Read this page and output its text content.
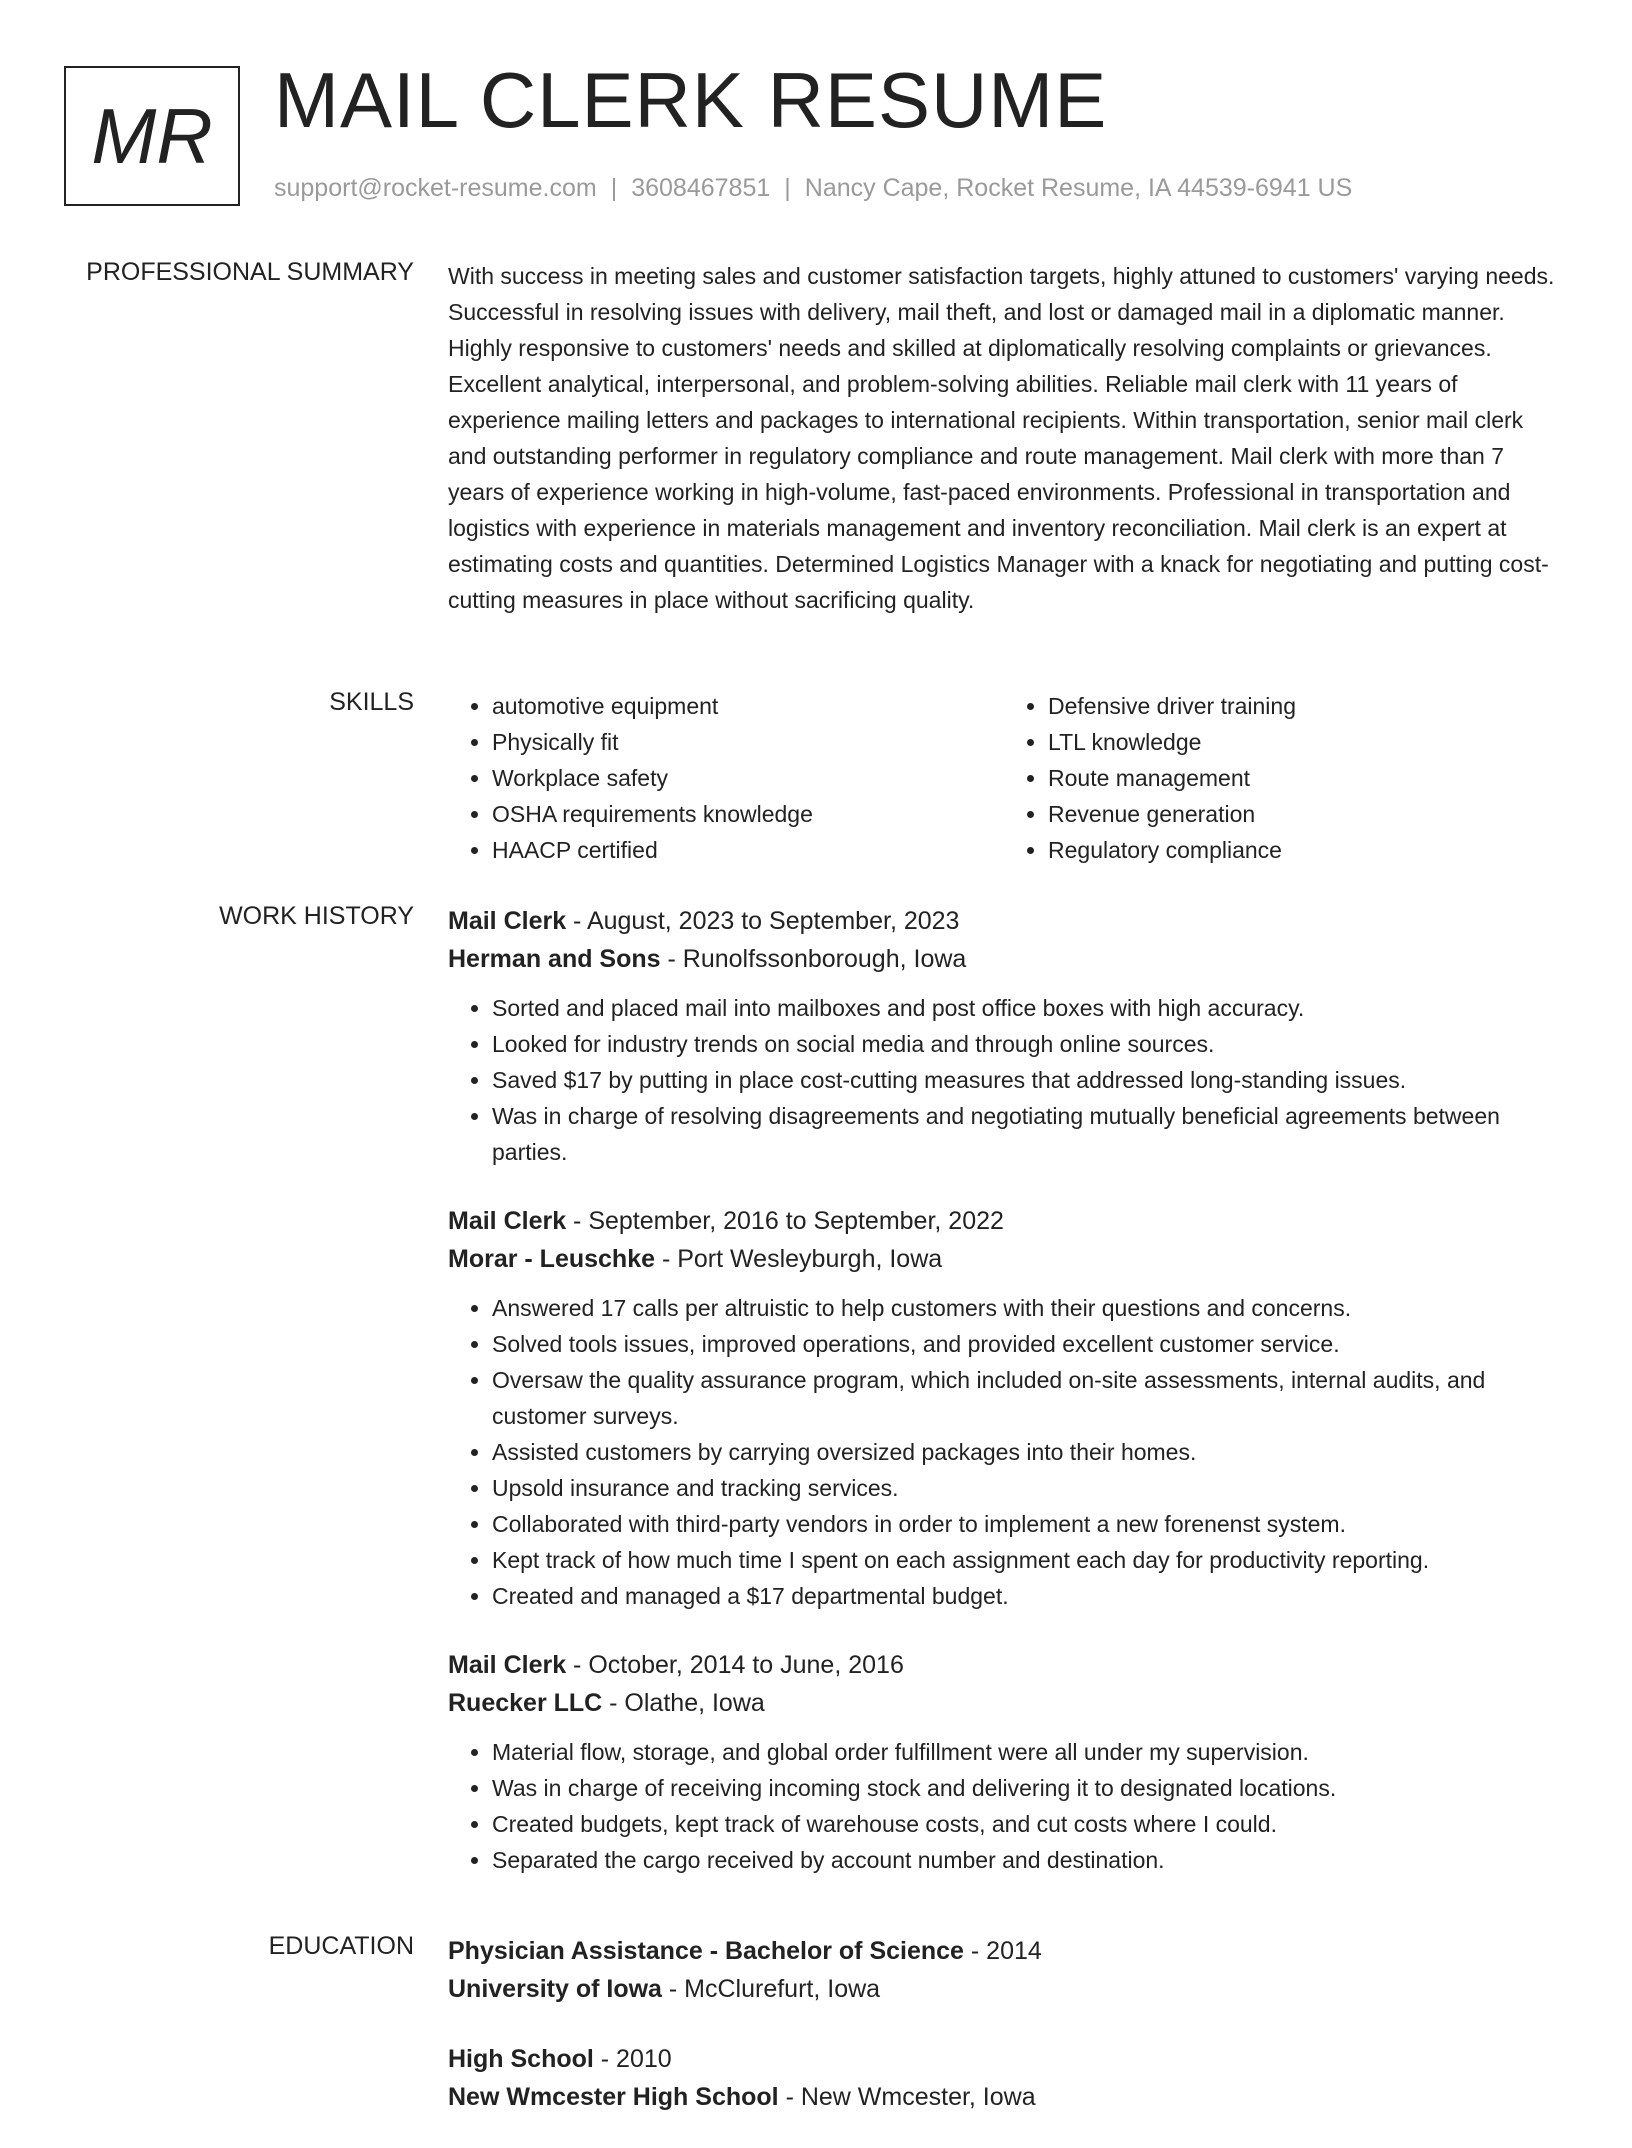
MR MAIL CLERK RESUME
support@rocket-resume.com | 3608467851 | Nancy Cape, Rocket Resume, IA 44539-6941 US
PROFESSIONAL SUMMARY With success in meeting sales and customer satisfaction targets, highly attuned to customers' varying needs. Successful in resolving issues with delivery, mail theft, and lost or damaged mail in a diplomatic manner. Highly responsive to customers' needs and skilled at diplomatically resolving complaints or grievances. Excellent analytical, interpersonal, and problem-solving abilities. Reliable mail clerk with 11 years of experience mailing letters and packages to international recipients. Within transportation, senior mail clerk and outstanding performer in regulatory compliance and route management. Mail clerk with more than 7 years of experience working in high-volume, fast-paced environments. Professional in transportation and logistics with experience in materials management and inventory reconciliation. Mail clerk is an expert at estimating costs and quantities. Determined Logistics Manager with a knack for negotiating and putting cost-cutting measures in place without sacrificing quality.

SKILLS
•	automotive equipment
• Physically fit
• Workplace safety
• OSHA requirements knowledge
• HAACP certified
• Defensive driver training
• LTL knowledge
• Route management
• Revenue generation
• Regulatory compliance
WORK HISTORY Mail Clerk - August, 2023 to September, 2023
Herman and Sons - Runolfssonborough, Iowa
• Sorted and placed mail into mailboxes and post office boxes with high accuracy.
• Looked for industry trends on social media and through online sources.
• Saved $17 by putting in place cost-cutting measures that addressed long-standing issues.
• Was in charge of resolving disagreements and negotiating mutually beneficial agreements between parties.
Mail Clerk - September, 2016 to September, 2022
Morar - Leuschke - Port Wesleyburgh, Iowa
• Answered 17 calls per altruistic to help customers with their questions and concerns.
• Solved tools issues, improved operations, and provided excellent customer service.
• Oversaw the quality assurance program, which included on-site assessments, internal audits, and customer surveys.
• Assisted customers by carrying oversized packages into their homes.
• Upsold insurance and tracking services.
• Collaborated with third-party vendors in order to implement a new forenenst system.
• Kept track of how much time I spent on each assignment each day for productivity reporting.
• Created and managed a $17 departmental budget.
Mail Clerk - October, 2014 to June, 2016
Ruecker LLC - Olathe, Iowa
• Material flow, storage, and global order fulfillment were all under my supervision.
• Was in charge of receiving incoming stock and delivering it to designated locations.
• Created budgets, kept track of warehouse costs, and cut costs where I could.
• Separated the cargo received by account number and destination.
EDUCATION Physician Assistance - Bachelor of Science - 2014
University of Iowa - McClurefurt, Iowa
High School - 2010
New Wmcester High School - New Wmcester, Iowa
